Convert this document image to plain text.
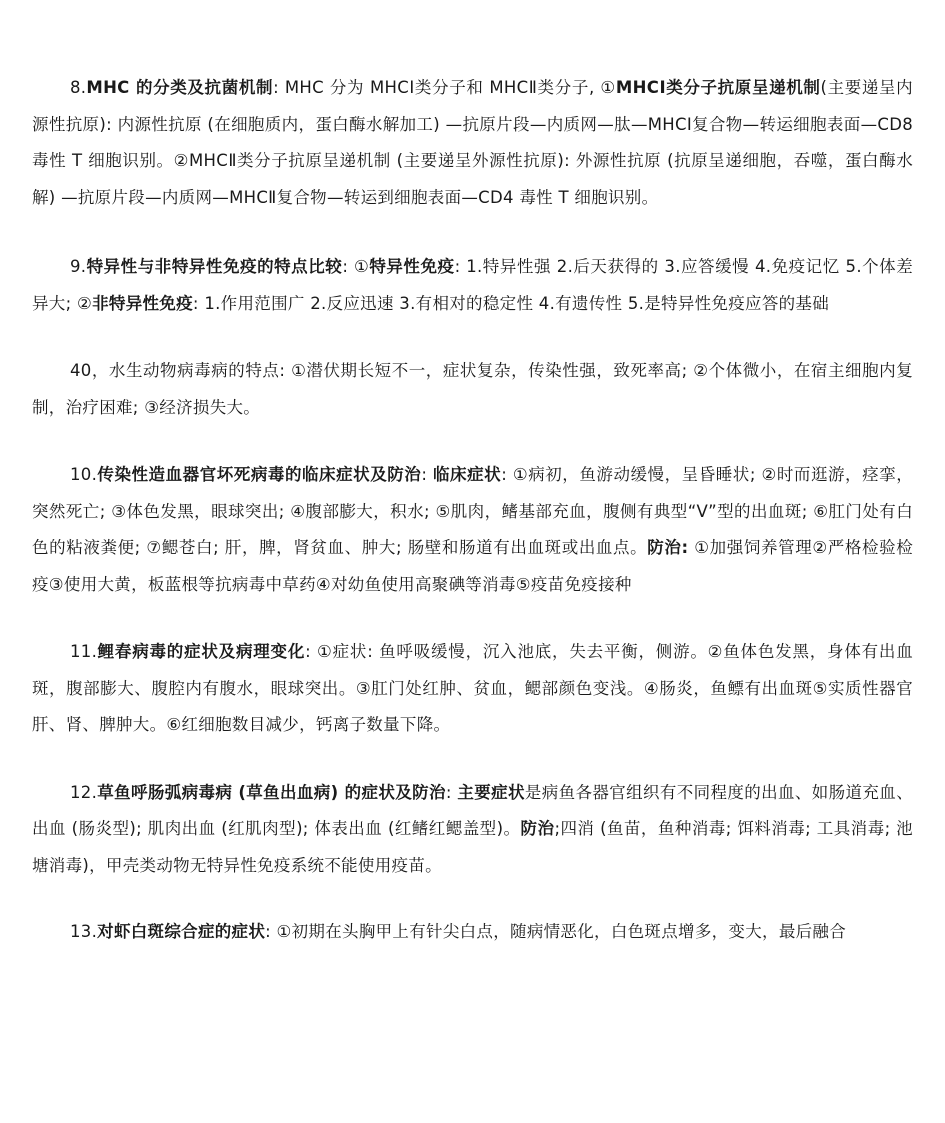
8.MHC 的分类及抗菌机制: MHC 分为 MHCⅠ类分子和 MHCⅡ类分子, ①MHCⅠ类分子抗原呈递机制(主要递呈内源性抗原): 内源性抗原 (在细胞质内，蛋白酶水解加工) —抗原片段—内质网—肽—MHCⅠ复合物—转运细胞表面—CD8 毒性 T 细胞识别。②MHCⅡ类分子抗原呈递机制 (主要递呈外源性抗原): 外源性抗原 (抗原呈递细胞，吞噬，蛋白酶水解) —抗原片段—内质网—MHCⅡ复合物—转运到细胞表面—CD4 毒性 T 细胞识别。

9.特异性与非特异性免疫的特点比较: ①特异性免疫: 1.特异性强 2.后天获得的 3.应答缓慢 4.免疫记忆 5.个体差异大; ②非特异性免疫: 1.作用范围广 2.反应迅速 3.有相对的稳定性 4.有遗传性 5.是特异性免疫应答的基础

40，水生动物病毒病的特点: ①潜伏期长短不一，症状复杂，传染性强，致死率高; ②个体微小，在宿主细胞内复制，治疗困难; ③经济损失大。

10.传染性造血器官坏死病毒的临床症状及防治: 临床症状: ①病初，鱼游动缓慢，呈昏睡状; ②时而逛游，痉挛，突然死亡; ③体色发黑，眼球突出; ④腹部膨大，积水; ⑤肌肉，鳍基部充血，腹侧有典型“V”型的出血斑; ⑥肛门处有白色的粘液粪便; ⑦鳃苍白; 肝，脾，肾贫血、肿大; 肠壁和肠道有出血斑或出血点。防治: ①加强饲养管理②严格检验检疫③使用大黄，板蓝根等抗病毒中草药④对幼鱼使用高聚碘等消毒⑤疫苗免疫接种

11.鲤春病毒的症状及病理变化: ①症状: 鱼呼吸缓慢，沉入池底，失去平衡，侧游。②鱼体色发黑，身体有出血斑，腹部膨大、腹腔内有腹水，眼球突出。③肛门处红肿、贫血，鳃部颜色变浅。④肠炎，鱼鳔有出血斑⑤实质性器官肝、肾、脾肿大。⑥红细胞数目减少，钙离子数量下降。

12.草鱼呼肠弧病毒病 (草鱼出血病) 的症状及防治: 主要症状是病鱼各器官组织有不同程度的出血、如肠道充血、出血 (肠炎型); 肌肉出血 (红肌肉型); 体表出血 (红鳍红鳃盖型)。防治;四消 (鱼苗，鱼种消毒; 饵料消毒; 工具消毒; 池塘消毒)，甲壳类动物无特异性免疫系统不能使用疫苗。

13.对虾白斑综合症的症状: ①初期在头胸甲上有针尖白点，随病情恶化，白色斑点增多，变大，最后融合
